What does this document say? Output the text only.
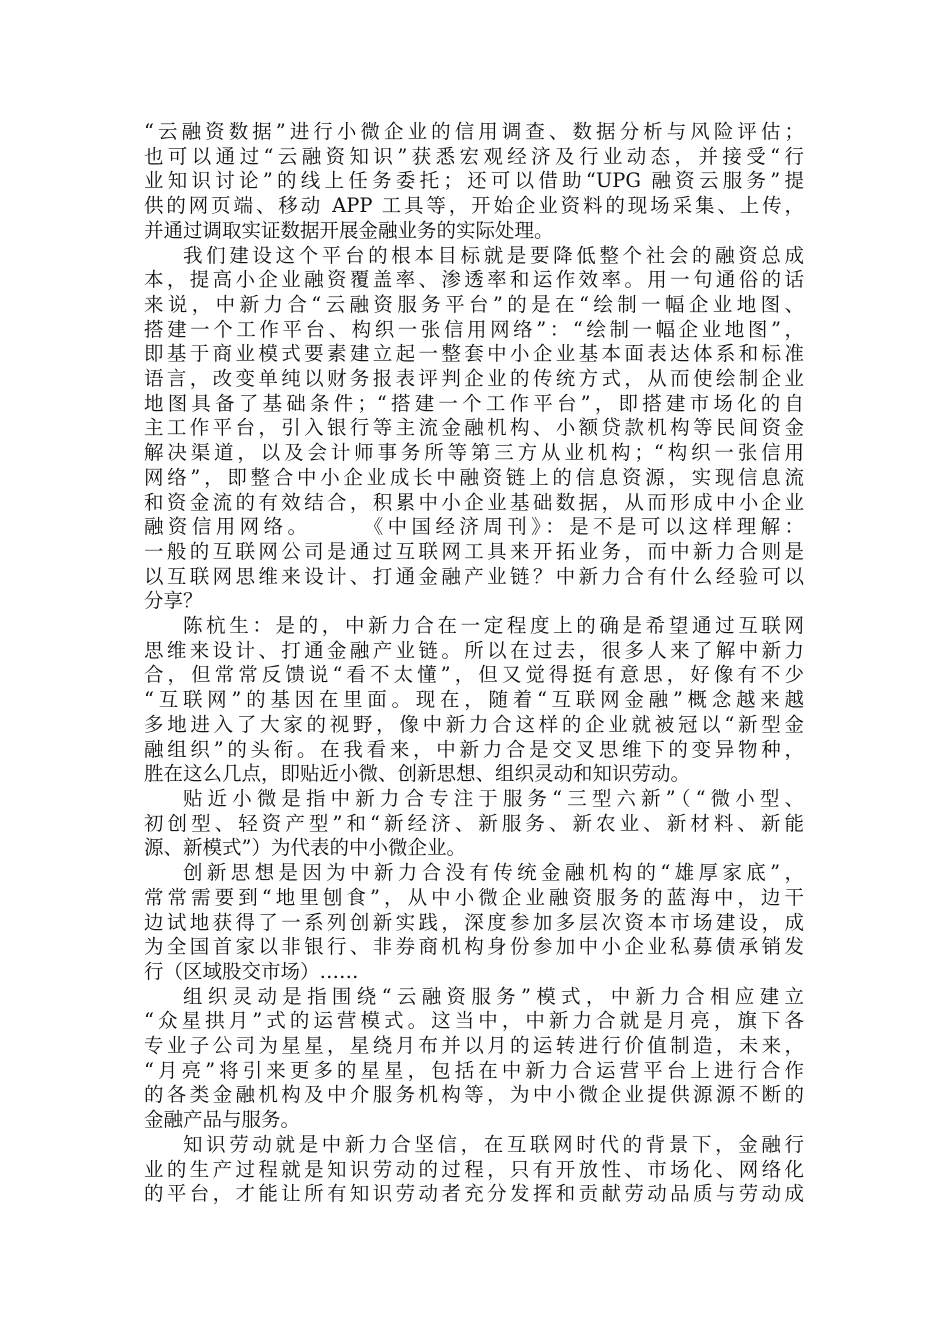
“云融资数据”进行小微企业的信用调查、数据分析与风险评估；
也可以通过“云融资知识”获悉宏观经济及行业动态，并接受“行
业知识讨论”的线上任务委托；还可以借助“UPG 融资云服务”提
供的网页端、移动 APP 工具等，开始企业资料的现场采集、上传，
并通过调取实证数据开展金融业务的实际处理。
我们建设这个平台的根本目标就是要降低整个社会的融资总成
本，提高小企业融资覆盖率、渗透率和运作效率。用一句通俗的话
来说，中新力合“云融资服务平台”的是在“绘制一幅企业地图、
搭建一个工作平台、构织一张信用网络”：“绘制一幅企业地图”，
即基于商业模式要素建立起一整套中小企业基本面表达体系和标准
语言，改变单纯以财务报表评判企业的传统方式，从而使绘制企业
地图具备了基础条件；“搭建一个工作平台”，即搭建市场化的自
主工作平台，引入银行等主流金融机构、小额贷款机构等民间资金
解决渠道，以及会计师事务所等第三方从业机构；“构织一张信用
网络”，即整合中小企业成长中融资链上的信息资源，实现信息流
和资金流的有效结合，积累中小企业基础数据，从而形成中小企业
融资信用网络。　　　《中国经济周刊》：是不是可以这样理解：
一般的互联网公司是通过互联网工具来开拓业务，而中新力合则是
以互联网思维来设计、打通金融产业链？中新力合有什么经验可以
分享？
陈杭生：是的，中新力合在一定程度上的确是希望通过互联网
思维来设计、打通金融产业链。所以在过去，很多人来了解中新力
合，但常常反馈说“看不太懂”，但又觉得挺有意思，好像有不少
“互联网”的基因在里面。现在，随着“互联网金融”概念越来越
多地进入了大家的视野，像中新力合这样的企业就被冠以“新型金
融组织”的头衔。在我看来，中新力合是交叉思维下的变异物种，
胜在这么几点，即贴近小微、创新思想、组织灵动和知识劳动。
贴近小微是指中新力合专注于服务“三型六新”（“微小型、
初创型、轻资产型”和“新经济、新服务、新农业、新材料、新能
源、新模式”）为代表的中小微企业。
创新思想是因为中新力合没有传统金融机构的“雄厚家底”，
常常需要到“地里刨食”，从中小微企业融资服务的蓝海中，边干
边试地获得了一系列创新实践，深度参加多层次资本市场建设，成
为全国首家以非银行、非券商机构身份参加中小企业私募债承销发
行（区域股交市场）……
组织灵动是指围绕“云融资服务”模式，中新力合相应建立
“众星拱月”式的运营模式。这当中，中新力合就是月亮，旗下各
专业子公司为星星，星绕月布并以月的运转进行价值制造，未来，
“月亮”将引来更多的星星，包括在中新力合运营平台上进行合作
的各类金融机构及中介服务机构等，为中小微企业提供源源不断的
金融产品与服务。
知识劳动就是中新力合坚信，在互联网时代的背景下，金融行
业的生产过程就是知识劳动的过程，只有开放性、市场化、网络化
的平台，才能让所有知识劳动者充分发挥和贡献劳动品质与劳动成
